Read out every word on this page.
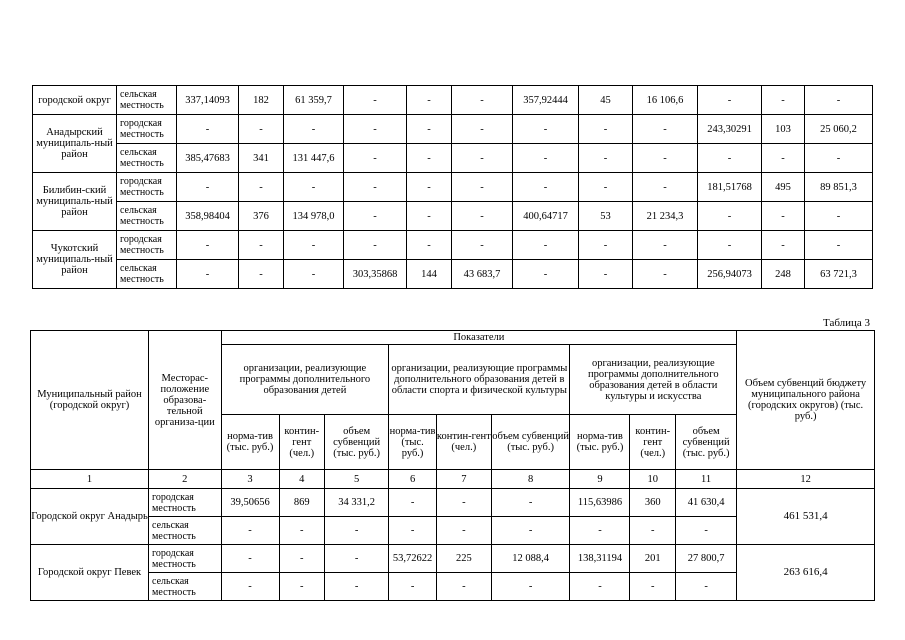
городской округ	сельская местность	337,14093	182	61 359,7	-	-	-	357,92444	45	16 106,6	-	-	-
Анадырский муниципаль-ный район	городская местность	-	-	-	-	-	-	-	-	-	243,30291	103	25 060,2
	сельская местность	385,47683	341	131 447,6	-	-	-	-	-	-	-	-	-
Билибин-ский муниципаль-ный район	городская местность	-	-	-	-	-	-	-	-	-	181,51768	495	89 851,3
	сельская местность	358,98404	376	134 978,0	-	-	-	400,64717	53	21 234,3	-	-	-
Чукотский муниципаль-ный район	городская местность	-	-	-	-	-	-	-	-	-	-	-	-
	сельская местность	-	-	-	303,35868	144	43 683,7	-	-	-	256,94073	248	63 721,3
Таблица 3
Муниципальный район (городской округ)	Месторас-положение образова-тельной организа-ции	Показатели									Объем субвенций бюджету муниципального района (городских округов) (тыс. руб.)
		организации, реализующие программы дополнительного образования детей			организации, реализующие программы дополнительного образования детей в области спорта и физической культуры			организации, реализующие программы дополнительного образования детей в области культуры и искусства			
		норма-тив (тыс. руб.)	контин-гент (чел.)	объем субвенций (тыс. руб.)	норма-тив (тыс. руб.)	контин-гент (чел.)	объем субвенций (тыс. руб.)	норма-тив (тыс. руб.)	контин-гент (чел.)	объем субвенций (тыс. руб.)	
1	2	3	4	5	6	7	8	9	10	11	12
Городской округ Анадырь	городская местность	39,50656	869	34 331,2	-	-	-	115,63986	360	41 630,4	461 531,4
	сельская местность	-	-	-	-	-	-	-	-	-	
Городской округ Певек	городская местность	-	-	-	53,72622	225	12 088,4	138,31194	201	27 800,7	263 616,4
	сельская местность	-	-	-	-	-	-	-	-	-	
